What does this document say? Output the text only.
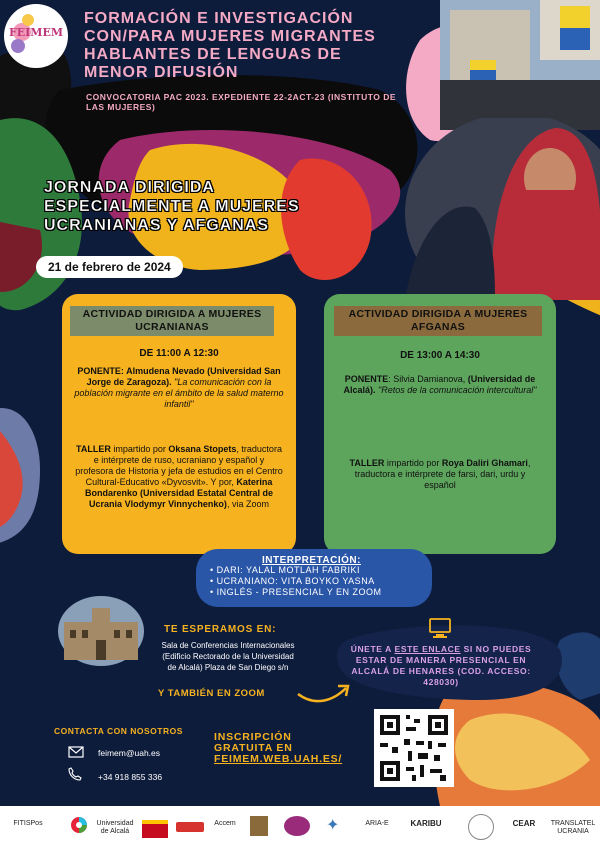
FEIMEM
FORMACIÓN E INVESTIGACIÓN CON/PARA MUJERES MIGRANTES HABLANTES DE LENGUAS DE MENOR DIFUSIÓN
CONVOCATORIA PAC 2023. EXPEDIENTE 22-2ACT-23 (INSTITUTO DE LAS MUJERES)
JORNADA DIRIGIDA ESPECIALMENTE A MUJERES UCRANIANAS Y AFGANAS
21 de febrero de 2024
ACTIVIDAD DIRIGIDA A MUJERES UCRANIANAS
DE 11:00 A 12:30
PONENTE: Almudena Nevado (Universidad San Jorge de Zaragoza). "La comunicación con la población migrante en el ámbito de la salud materno infantil"
TALLER impartido por Oksana Stopets, traductora e intérprete de ruso, ucraniano y español y profesora de Historia y jefa de estudios en el Centro Cultural-Educativo «Dyvosvit». Y por, Katerina Bondarenko (Universidad Estatal Central de Ucrania Vlodymyr Vinnychenko), via Zoom
ACTIVIDAD DIRIGIDA A MUJERES AFGANAS
DE 13:00 A 14:30
PONENTE: Silvia Damianova, (Universidad de Alcalá). "Retos de la comunicación intercultural"
TALLER impartido por Roya Daliri Ghamari, traductora e intérprete de farsi, dari, urdu y español
INTERPRETACIÓN:
• DARI: YALAL MOTLAH FABRIKI
• UCRANIANO: VITA BOYKO YASNA
• INGLÉS - PRESENCIAL Y EN ZOOM
TE ESPERAMOS EN:
Sala de Conferencias Internacionales (Edificio Rectorado de la Universidad de Alcalá) Plaza de San Diego s/n
Y TAMBIÉN EN ZOOM
ÚNETE A ESTE ENLACE SI NO PUEDES ESTAR DE MANERA PRESENCIAL EN ALCALÁ DE HENARES (COD. ACCESO: 428030)
CONTACTA CON NOSOTROS
feimem@uah.es
+34 918 855 336
INSCRIPCIÓN
GRATUITA EN
FEIMEM.WEB.UAH.ES/
FITISPos	Universidad de Alcalá
Accem	✦	ARIA-E	KARIBU	CEAR	TRANSLATEL UCRANIA
